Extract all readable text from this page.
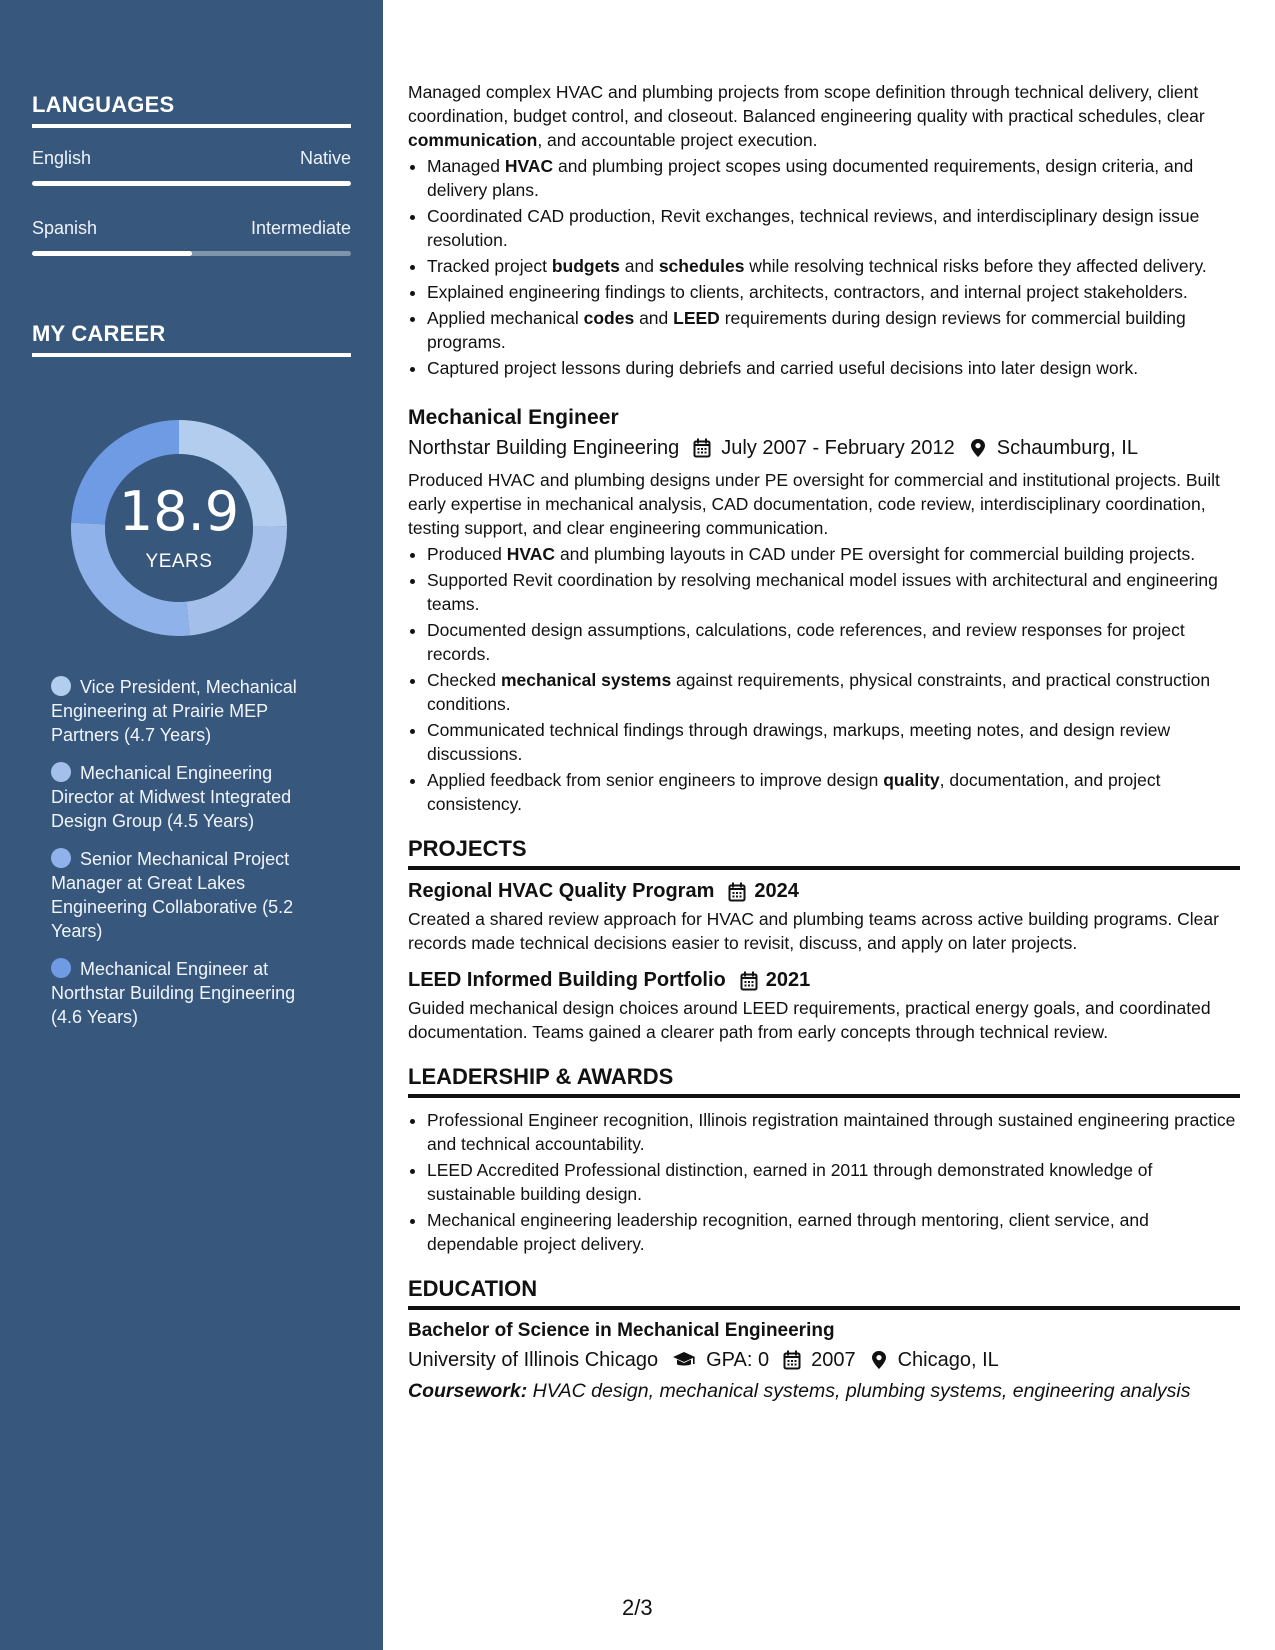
LANGUAGES
English	Native
Spanish	Intermediate
MY CAREER
18.9
YEARS
Vice President, Mechanical Engineering at Prairie MEP Partners (4.7 Years)
Mechanical Engineering Director at Midwest Integrated Design Group (4.5 Years)
Senior Mechanical Project Manager at Great Lakes Engineering Collaborative (5.2 Years)
Mechanical Engineer at Northstar Building Engineering (4.6 Years)

Managed complex HVAC and plumbing projects from scope definition through technical delivery, client coordination, budget control, and closeout. Balanced engineering quality with practical schedules, clear communication, and accountable project execution.

• Managed HVAC and plumbing project scopes using documented requirements, design criteria, and delivery plans.
• Coordinated CAD production, Revit exchanges, technical reviews, and interdisciplinary design issue resolution.
• Tracked project budgets and schedules while resolving technical risks before they affected delivery.
• Explained engineering findings to clients, architects, contractors, and internal project stakeholders.
• Applied mechanical codes and LEED requirements during design reviews for commercial building programs.
• Captured project lessons during debriefs and carried useful decisions into later design work.
Mechanical Engineer
Northstar Building Engineering July 2007 - February 2012 Schaumburg, IL

Produced HVAC and plumbing designs under PE oversight for commercial and institutional projects. Built early expertise in mechanical analysis, CAD documentation, code review, interdisciplinary coordination, testing support, and clear engineering communication.

• Produced HVAC and plumbing layouts in CAD under PE oversight for commercial building projects.
• Supported Revit coordination by resolving mechanical model issues with architectural and engineering teams.
• Documented design assumptions, calculations, code references, and review responses for project records.
• Checked mechanical systems against requirements, physical constraints, and practical construction conditions.
• Communicated technical findings through drawings, markups, meeting notes, and design review discussions.
• Applied feedback from senior engineers to improve design quality, documentation, and project consistency.
PROJECTS
Regional HVAC Quality Program 2024

Created a shared review approach for HVAC and plumbing teams across active building programs. Clear records made technical decisions easier to revisit, discuss, and apply on later projects.

LEED Informed Building Portfolio 2021

Guided mechanical design choices around LEED requirements, practical energy goals, and coordinated documentation. Teams gained a clearer path from early concepts through technical review.

LEADERSHIP & AWARDS
• Professional Engineer recognition, Illinois registration maintained through sustained engineering practice and technical accountability.
• LEED Accredited Professional distinction, earned in 2011 through demonstrated knowledge of sustainable building design.
• Mechanical engineering leadership recognition, earned through mentoring, client service, and dependable project delivery.
EDUCATION
Bachelor of Science in Mechanical Engineering
University of Illinois Chicago GPA: 0 2007 Chicago, IL
Coursework: HVAC design, mechanical systems, plumbing systems, engineering analysis
2/3
